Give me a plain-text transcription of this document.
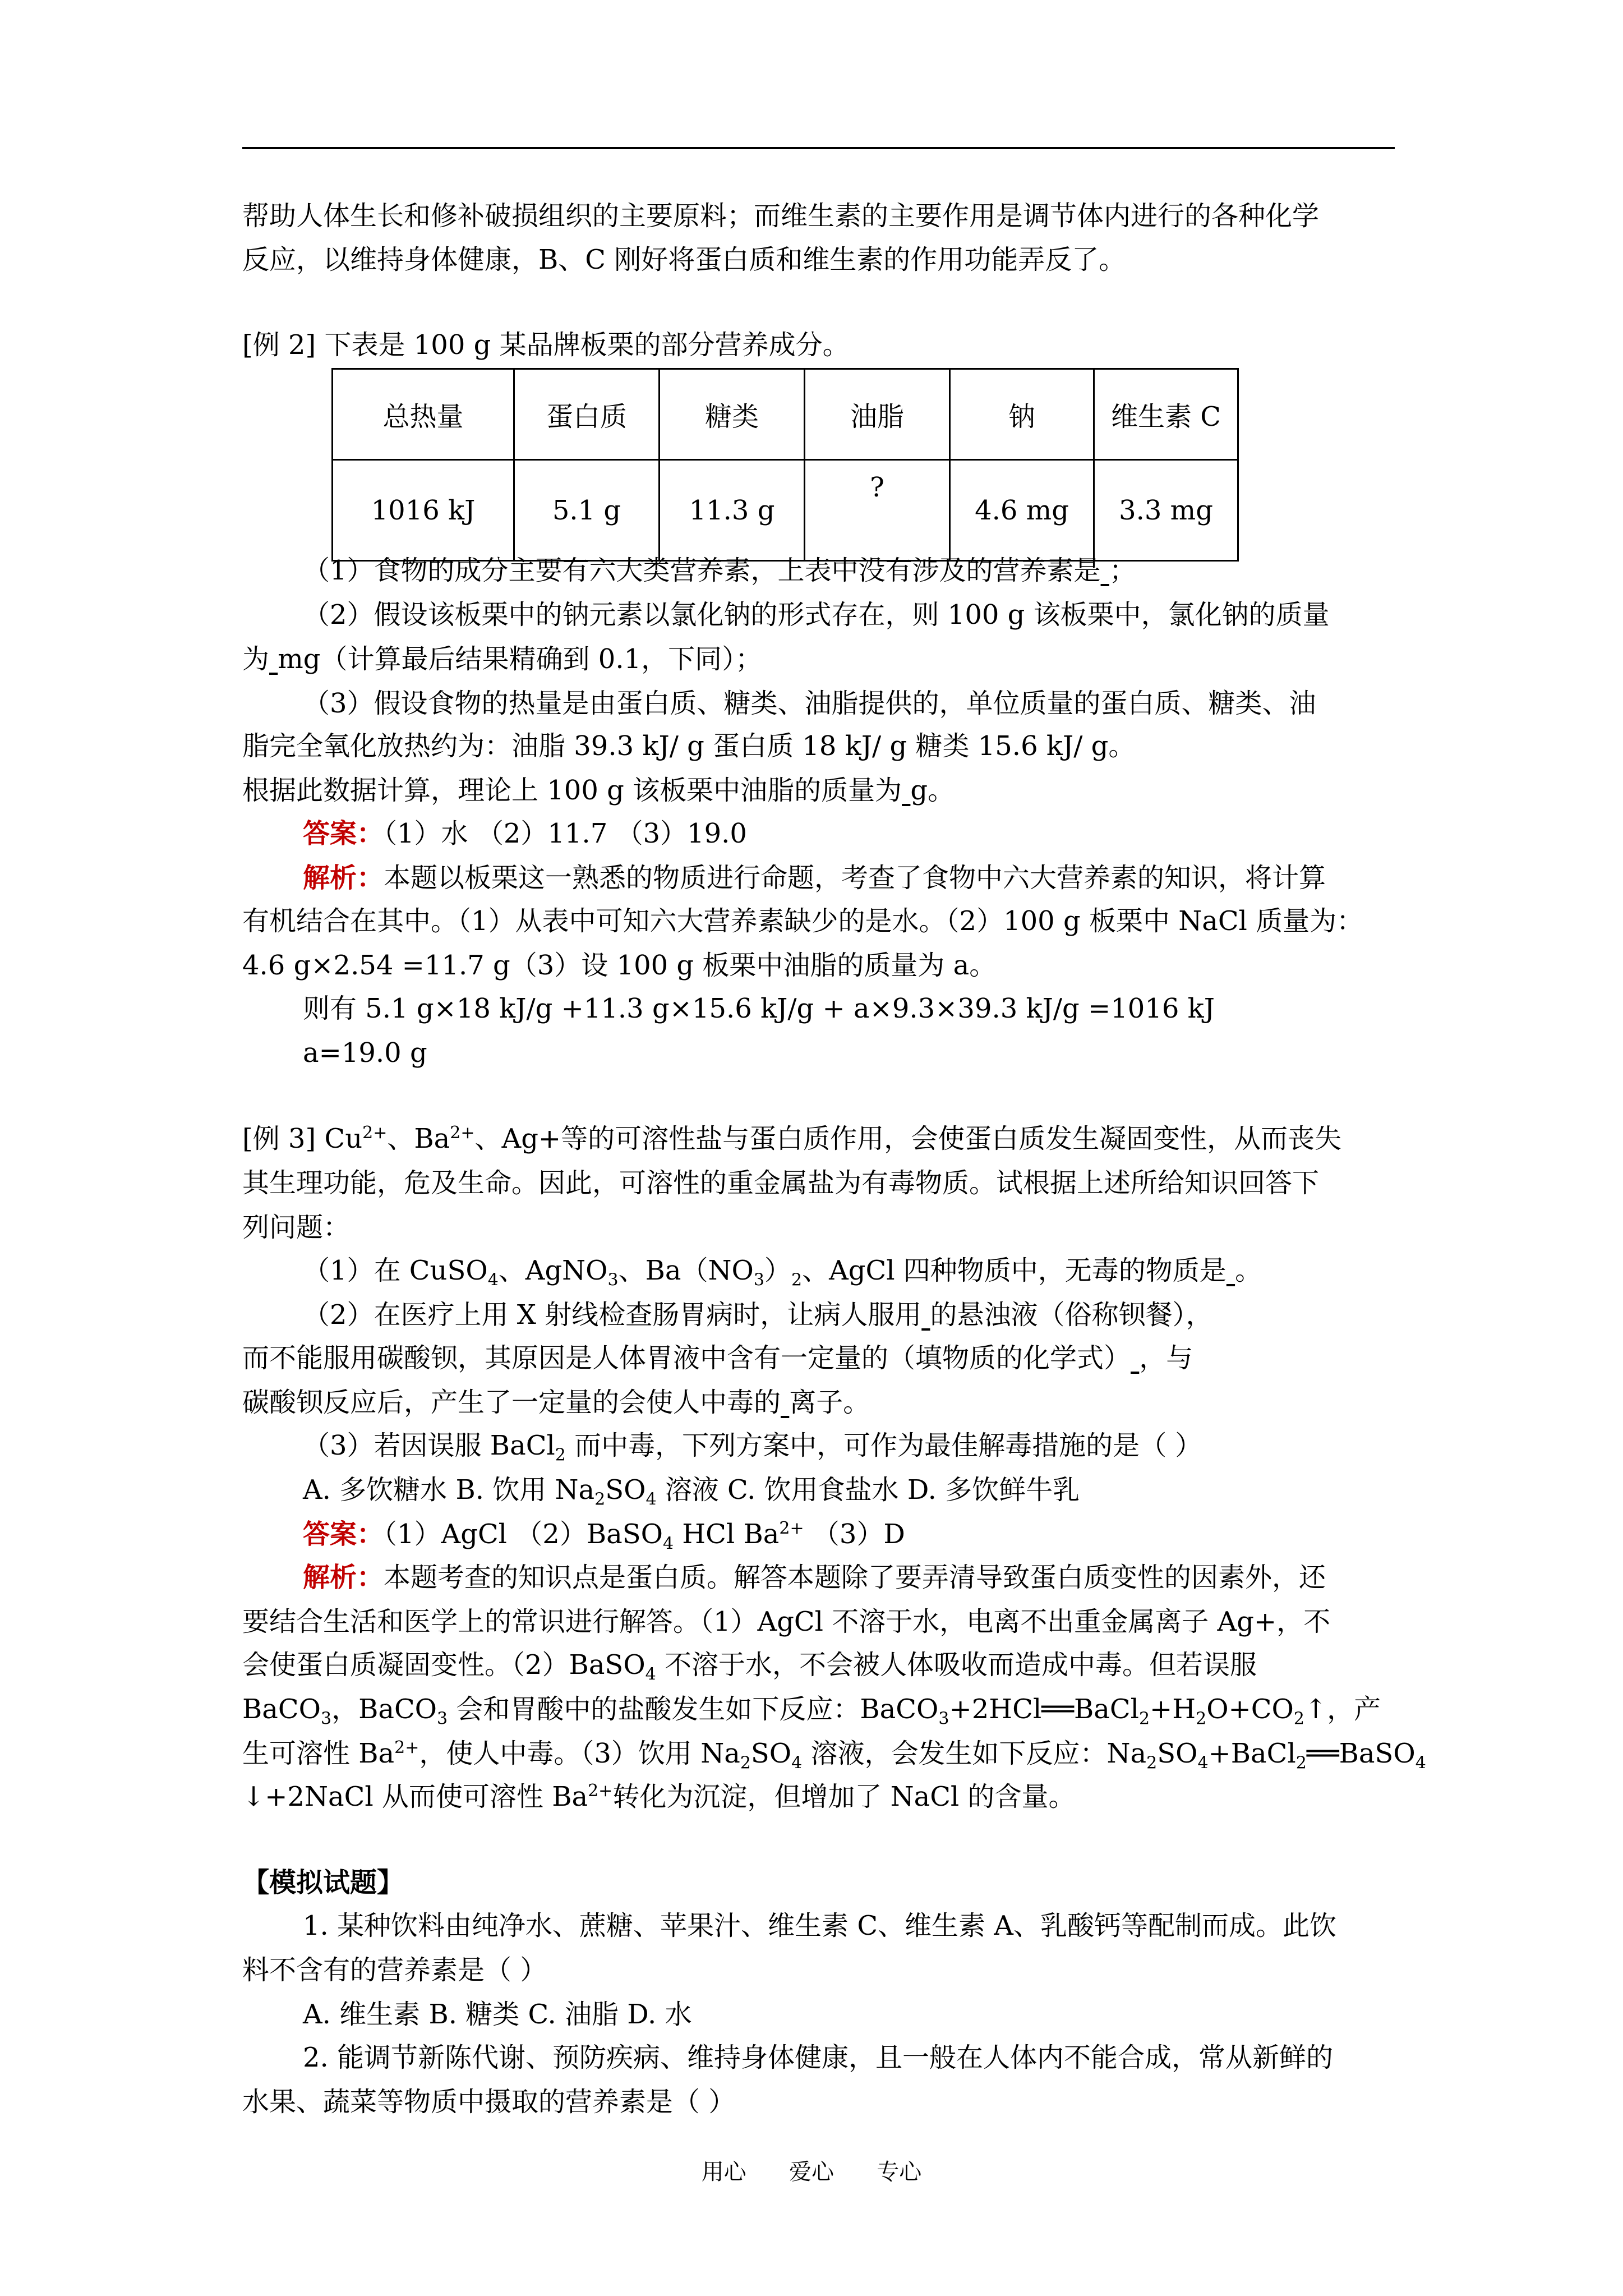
帮助人体生长和修补破损组织的主要原料；而维生素的主要作用是调节体内进行的各种化学
反应，以维持身体健康，B、C 刚好将蛋白质和维生素的作用功能弄反了。
[例 2] 下表是 100 g 某品牌板栗的部分营养成分。
总热量	蛋白质	糖类	油脂	钠	维生素 C
1016 kJ	5.1 g	11.3 g	?	4.6 mg	3.3 mg
（1）食物的成分主要有六大类营养素，上表中没有涉及的营养素是 ；
（2）假设该板栗中的钠元素以氯化钠的形式存在，则 100 g 该板栗中，氯化钠的质量
为 mg（计算最后结果精确到 0.1，下同）；
（3）假设食物的热量是由蛋白质、糖类、油脂提供的，单位质量的蛋白质、糖类、油
脂完全氧化放热约为：油脂 39.3 kJ/ g 蛋白质 18 kJ/ g 糖类 15.6 kJ/ g。
根据此数据计算，理论上 100 g 该板栗中油脂的质量为 g。
答案：（1）水 （2）11.7 （3）19.0
解析：本题以板栗这一熟悉的物质进行命题，考查了食物中六大营养素的知识，将计算
有机结合在其中。（1）从表中可知六大营养素缺少的是水。（2）100 g 板栗中 NaCl 质量为：
4.6 g×2.54 =11.7 g（3）设 100 g 板栗中油脂的质量为 a。
则有 5.1 g×18 kJ/g +11.3 g×15.6 kJ/g + a×9.3×39.3 kJ/g =1016 kJ
a=19.0 g
[例 3] $Cu^{2+}$、$Ba^{2+}$、Ag+等的可溶性盐与蛋白质作用，会使蛋白质发生凝固变性，从而丧失
其生理功能，危及生命。因此，可溶性的重金属盐为有毒物质。试根据上述所给知识回答下
列问题：
（1）在 CuSO$_4$、AgNO$_3$、$Ba(NO_3)_2$、AgCl 四种物质中，无毒的物质是 。
（2）在医疗上用 X 射线检查肠胃病时，让病人服用 的悬浊液（俗称钡餐），
而不能服用碳酸钡，其原因是人体胃液中含有一定量的（填物质的化学式） ，与
碳酸钡反应后，产生了一定量的会使人中毒的 离子。
（3）若因误服 BaCl$_2$ 而中毒，下列方案中，可作为最佳解毒措施的是（ ）
A. 多饮糖水 B. 饮用 $Na_2SO_4$ 溶液 C. 饮用食盐水 D. 多饮鲜牛乳
答案：（1）AgCl （2）BaSO$_4$ HCl $Ba^{2+}$ （3）D
解析：本题考查的知识点是蛋白质。解答本题除了要弄清导致蛋白质变性的因素外，还
要结合生活和医学上的常识进行解答。（1）AgCl 不溶于水，电离不出重金属离子 Ag+，不
会使蛋白质凝固变性。（2）BaSO$_4$ 不溶于水，不会被人体吸收而造成中毒。但若误服
BaCO$_3$，BaCO$_3$ 会和胃酸中的盐酸发生如下反应：$BaCO_3+2HCl══BaCl_2+H_2O+CO_2↑$，产
生可溶性 $Ba^{2+}$，使人中毒。（3）饮用 $Na_2SO_4$ 溶液，会发生如下反应：$Na_2SO_4+BaCl_2══BaSO_4$
↓+2NaCl 从而使可溶性 $Ba^{2+}$转化为沉淀，但增加了 NaCl 的含量。
【模拟试题】
1. 某种饮料由纯净水、蔗糖、苹果汁、维生素 C、维生素 A、乳酸钙等配制而成。此饮
料不含有的营养素是（ ）
A. 维生素 B. 糖类 C. 油脂 D. 水
2. 能调节新陈代谢、预防疾病、维持身体健康，且一般在人体内不能合成，常从新鲜的
水果、蔬菜等物质中摄取的营养素是（ ）
用心      爱心      专心
